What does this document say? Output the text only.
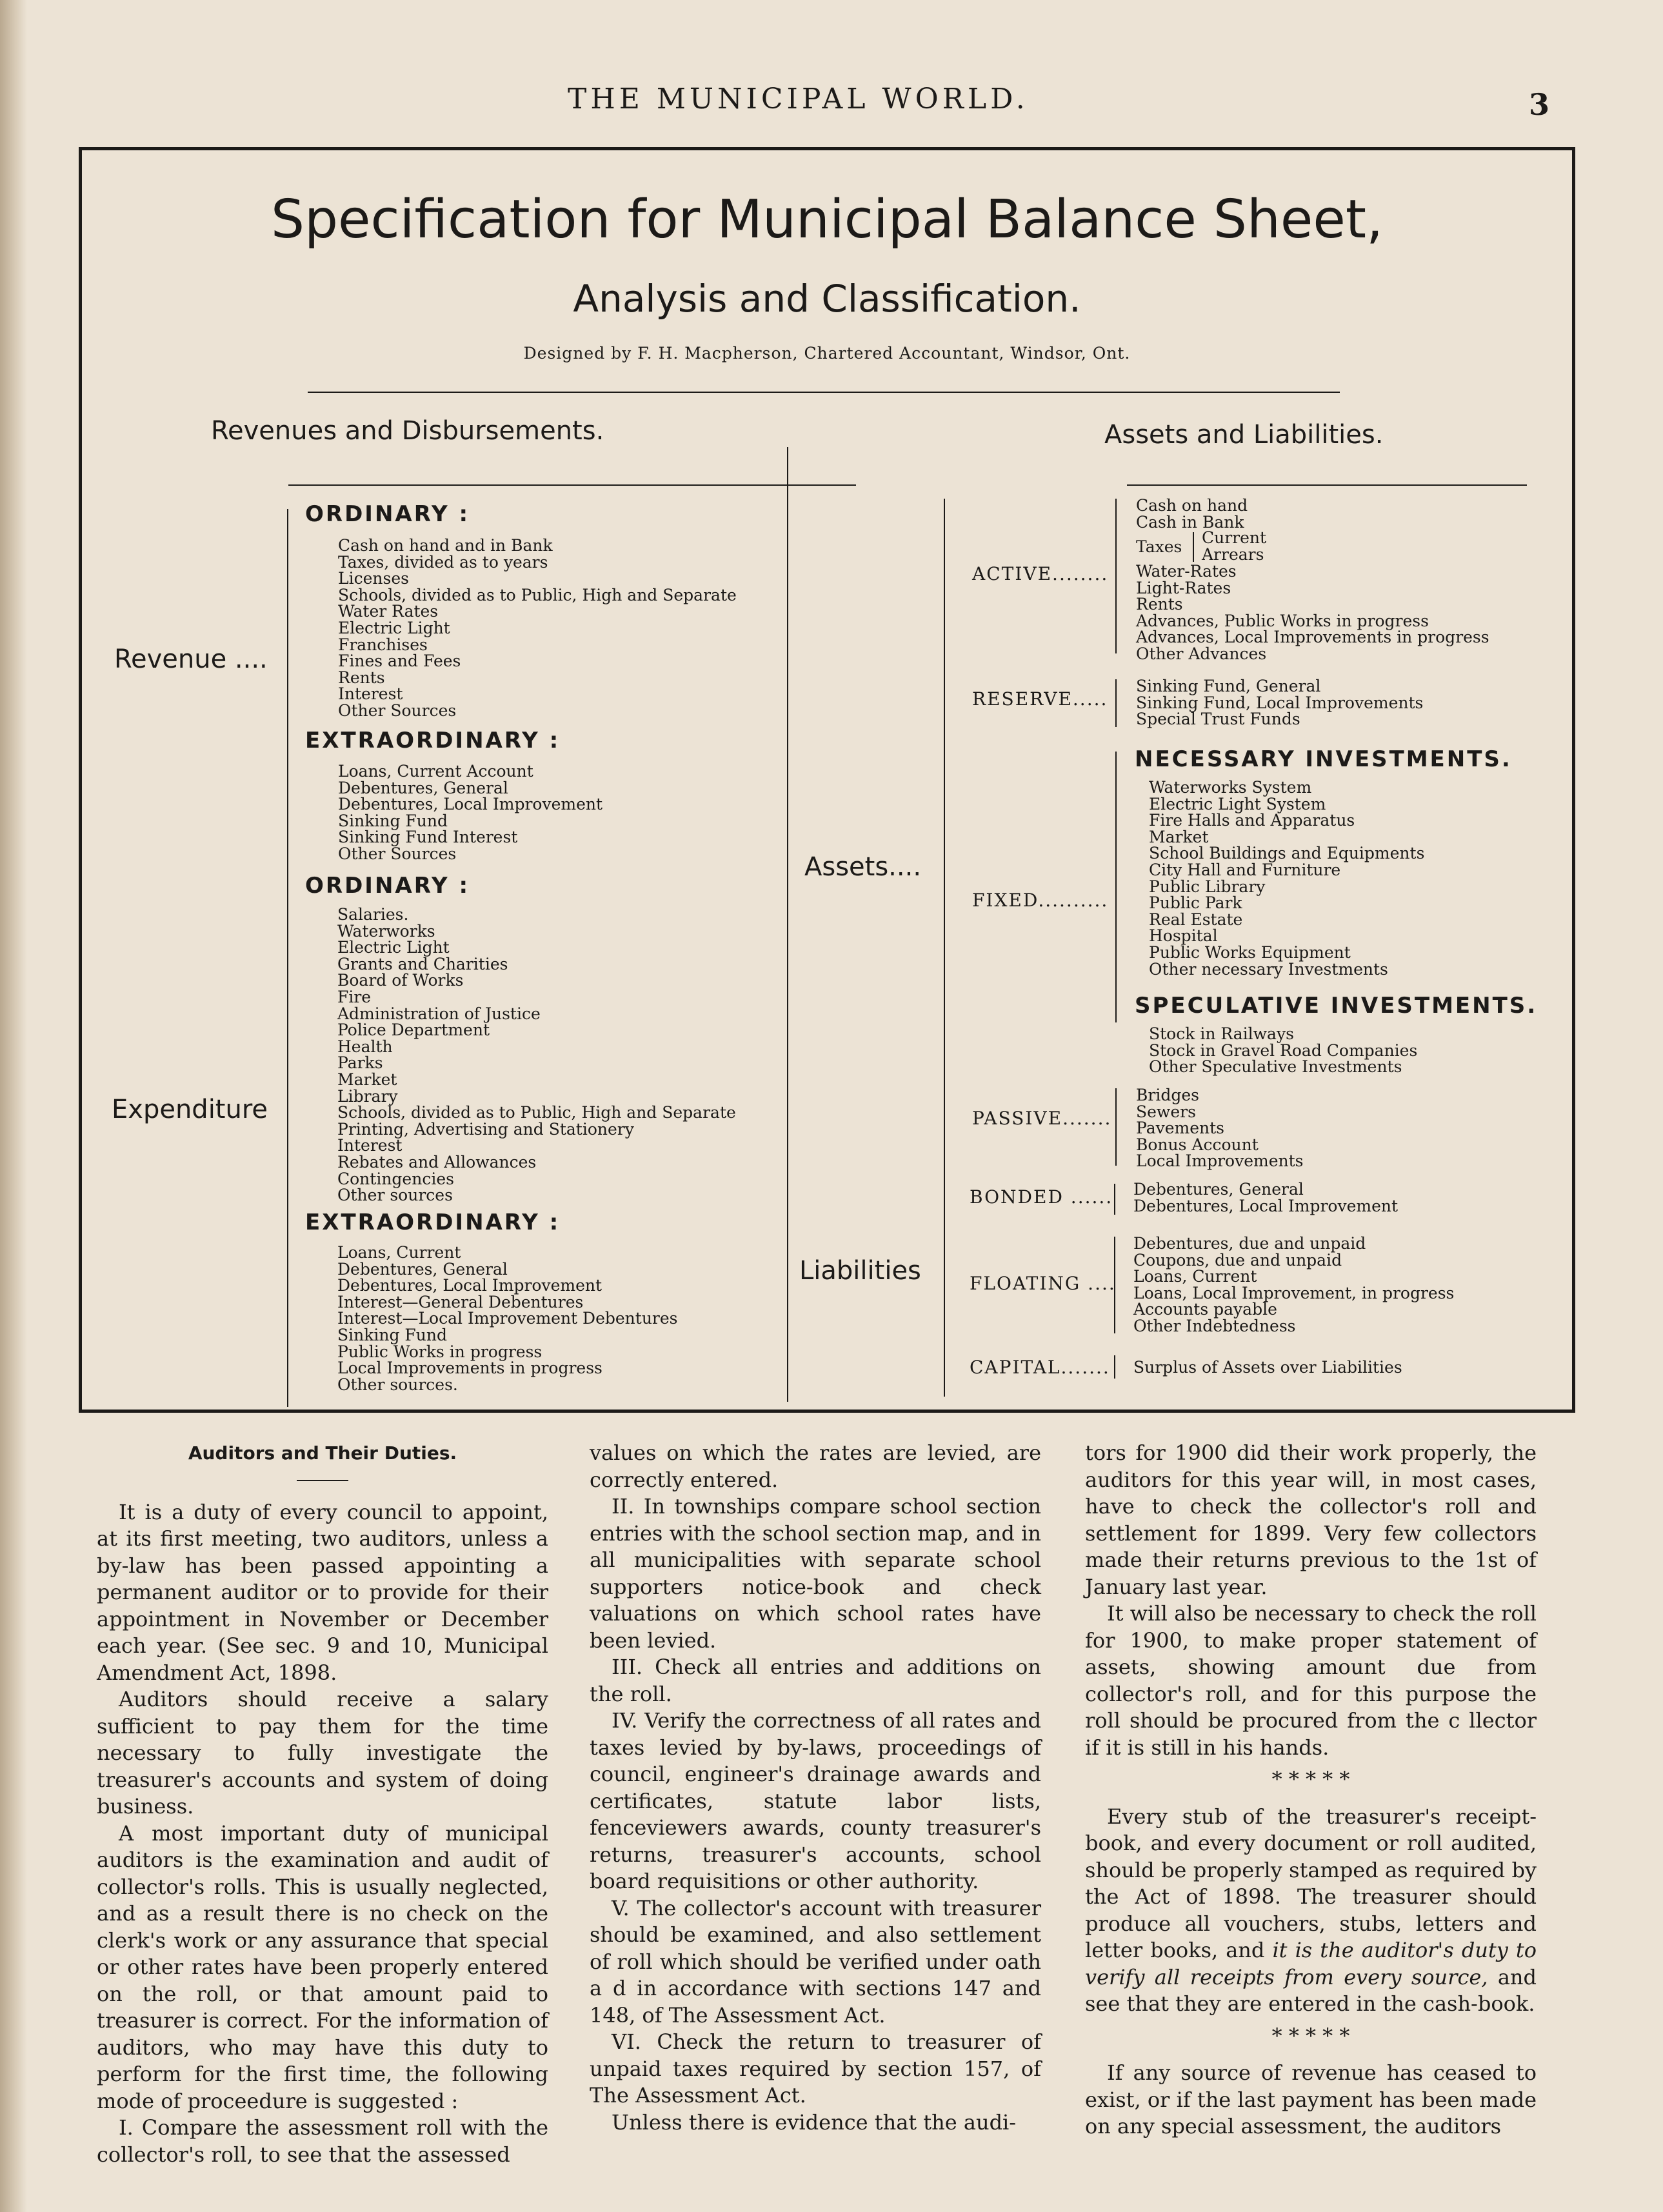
THE MUNICIPAL WORLD.	3
Specification for Municipal Balance Sheet,
Analysis and Classification.
Designed by F. H. Macpherson, Chartered Accountant, Windsor, Ont.
Revenues and Disbursements.	Assets and Liabilities.
Revenue ....
ORDINARY :
Cash on hand and in Bank
Taxes, divided as to years
Licenses
Schools, divided as to Public, High and Separate
Water Rates
Electric Light
Franchises
Fines and Fees
Rents
Interest
Other Sources
EXTRAORDINARY :
Loans, Current Account
Debentures, General
Debentures, Local Improvement
Sinking Fund
Sinking Fund Interest
Other Sources
Expenditure
ORDINARY :
Salaries.
Waterworks
Electric Light
Grants and Charities
Board of Works
Fire
Administration of Justice
Police Department
Health
Parks
Market
Library
Schools, divided as to Public, High and Separate
Printing, Advertising and Stationery
Interest
Rebates and Allowances
Contingencies
Other sources
EXTRAORDINARY :
Loans, Current
Debentures, General
Debentures, Local Improvement
Interest—General Debentures
Interest—Local Improvement Debentures
Sinking Fund
Public Works in progress
Local Improvements in progress
Other sources.
Assets....
ACTIVE........
Cash on hand
Cash in Bank
Taxes Current
Arrears
Water-Rates
Light-Rates
Rents
Advances, Public Works in progress
Advances, Local Improvements in progress
Other Advances
RESERVE.....
Sinking Fund, General
Sinking Fund, Local Improvements
Special Trust Funds
FIXED..........
NECESSARY INVESTMENTS.
Waterworks System
Electric Light System
Fire Halls and Apparatus
Market
School Buildings and Equipments
City Hall and Furniture
Public Library
Public Park
Real Estate
Hospital
Public Works Equipment
Other necessary Investments
SPECULATIVE INVESTMENTS.
Stock in Railways
Stock in Gravel Road Companies
Other Speculative Investments
PASSIVE.......
Bridges
Sewers
Pavements
Bonus Account
Local Improvements
Liabilities
BONDED ...... Debentures, General
Debentures, Local Improvement
FLOATING ....
Debentures, due and unpaid
Coupons, due and unpaid
Loans, Current
Loans, Local Improvement, in progress
Accounts payable
Other Indebtedness
CAPITAL....... Surplus of Assets over Liabilities
Auditors and Their Duties.

It is a duty of every council to appoint, at its first meeting, two auditors, unless a by-law has been passed appointing a permanent auditor or to provide for their appointment in November or December each year. (See sec. 9 and 10, Municipal Amendment Act, 1898.

Auditors should receive a salary sufficient to pay them for the time necessary to fully investigate the treasurer's accounts and system of doing business.

A most important duty of municipal auditors is the examination and audit of collector's rolls. This is usually neglected, and as a result there is no check on the clerk's work or any assurance that special or other rates have been properly entered on the roll, or that amount paid to treasurer is correct. For the information of auditors, who may have this duty to perform for the first time, the following mode of proceedure is suggested :

I. Compare the assessment roll with the collector's roll, to see that the assessed

values on which the rates are levied, are correctly entered.

II. In townships compare school section entries with the school section map, and in all municipalities with separate school supporters notice-book and check valuations on which school rates have been levied.

III. Check all entries and additions on the roll.

IV. Verify the correctness of all rates and taxes levied by by-laws, proceedings of council, engineer's drainage awards and certificates, statute labor lists, fenceviewers awards, county treasurer's returns, treasurer's accounts, school board requisitions or other authority.

V. The collector's account with treasurer should be examined, and also settlement of roll which should be verified under oath a d in accordance with sections 147 and 148, of The Assessment Act.

VI. Check the return to treasurer of unpaid taxes required by section 157, of The Assessment Act.

Unless there is evidence that the audi-

tors for 1900 did their work properly, the auditors for this year will, in most cases, have to check the collector's roll and settlement for 1899. Very few collectors made their returns previous to the 1st of January last year.

It will also be necessary to check the roll for 1900, to make proper statement of assets, showing amount due from collector's roll, and for this purpose the roll should be procured from the c llector if it is still in his hands.

* * * * *

Every stub of the treasurer's receipt-book, and every document or roll audited, should be properly stamped as required by the Act of 1898. The treasurer should produce all vouchers, stubs, letters and letter books, and it is the auditor's duty to verify all receipts from every source, and see that they are entered in the cash-book.

* * * * *

If any source of revenue has ceased to exist, or if the last payment has been made on any special assessment, the auditors
